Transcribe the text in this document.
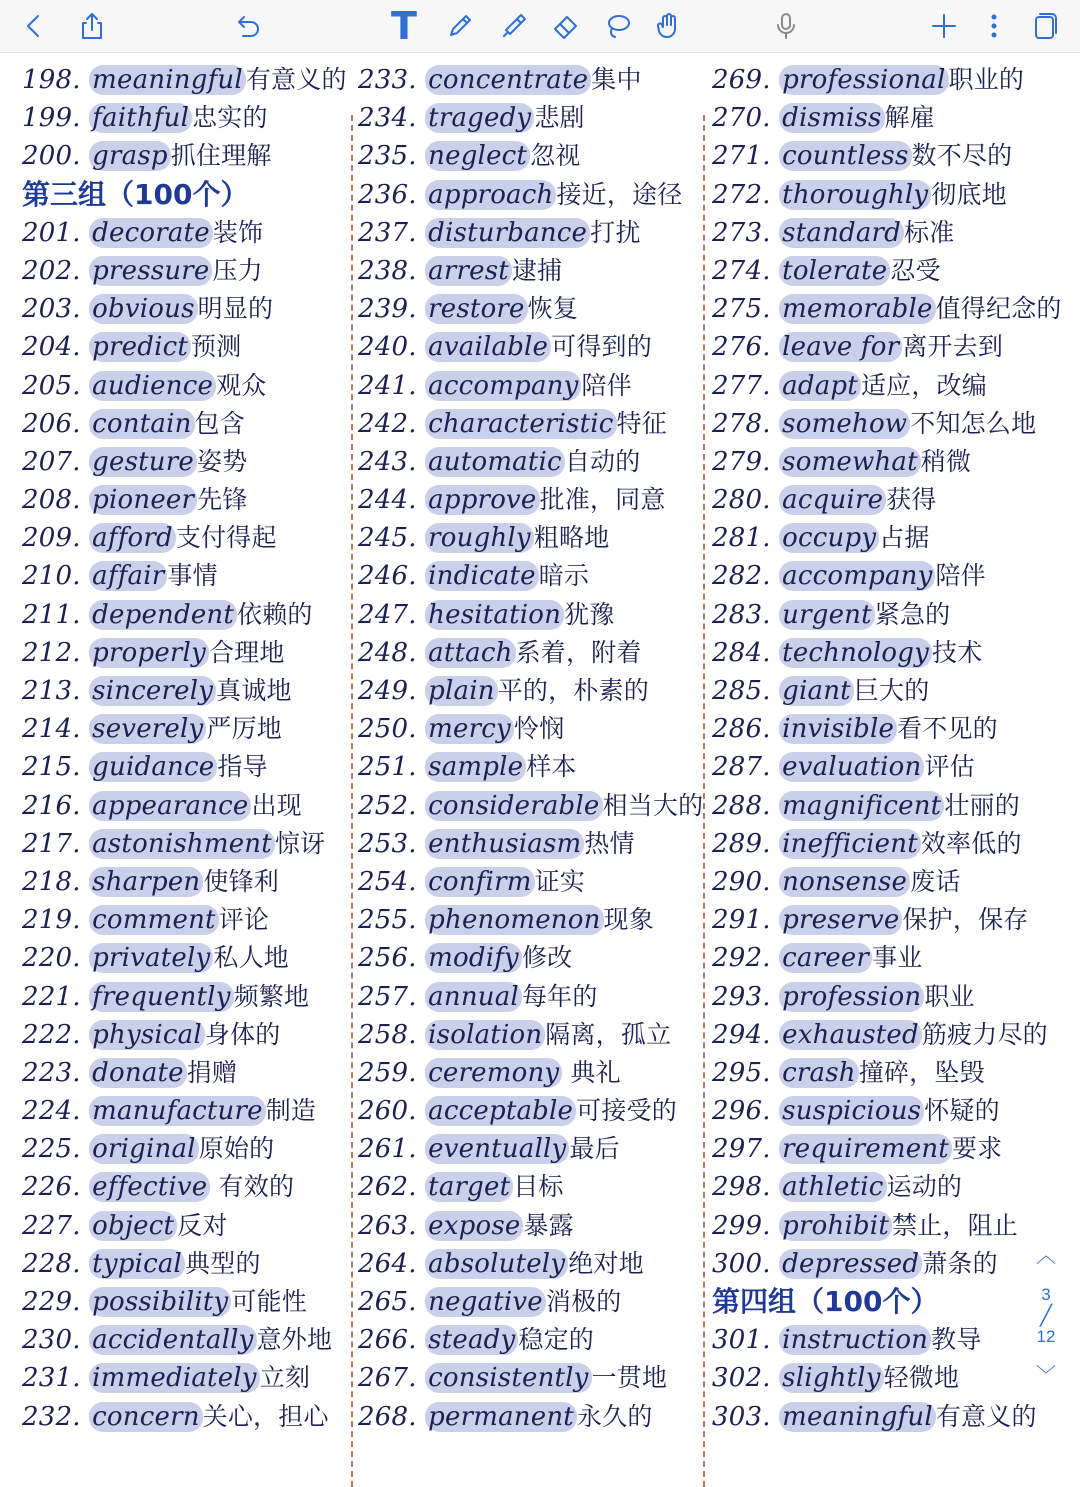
T
198. meaningful 有意义的
199. faithful 忠实的
200. grasp 抓住理解
第三组（100个）
201. decorate 装饰
202. pressure 压力
203. obvious 明显的
204. predict 预测
205. audience 观众
206. contain 包含
207. gesture 姿势
208. pioneer 先锋
209. afford 支付得起
210. affair 事情
211. dependent 依赖的
212. properly 合理地
213. sincerely 真诚地
214. severely 严厉地
215. guidance 指导
216. appearance 出现
217. astonishment 惊讶
218. sharpen 使锋利
219. comment 评论
220. privately 私人地
221. frequently 频繁地
222. physical 身体的
223. donate 捐赠
224. manufacture 制造
225. original 原始的
226. effective 有效的
227. object 反对
228. typical 典型的
229. possibility 可能性
230. accidentally 意外地
231. immediately 立刻
232. concern 关心，担心
233. concentrate 集中
234. tragedy 悲剧
235. neglect 忽视
236. approach 接近，途径
237. disturbance 打扰
238. arrest 逮捕
239. restore 恢复
240. available 可得到的
241. accompany 陪伴
242. characteristic 特征
243. automatic 自动的
244. approve 批准，同意
245. roughly 粗略地
246. indicate 暗示
247. hesitation 犹豫
248. attach 系着，附着
249. plain 平的，朴素的
250. mercy 怜悯
251. sample 样本
252. considerable 相当大的
253. enthusiasm 热情
254. confirm 证实
255. phenomenon 现象
256. modify 修改
257. annual 每年的
258. isolation 隔离，孤立
259. ceremony 典礼
260. acceptable 可接受的
261. eventually 最后
262. target 目标
263. expose 暴露
264. absolutely 绝对地
265. negative 消极的
266. steady 稳定的
267. consistently 一贯地
268. permanent 永久的
269. professional 职业的
270. dismiss 解雇
271. countless 数不尽的
272. thoroughly 彻底地
273. standard 标准
274. tolerate 忍受
275. memorable 值得纪念的
276. leave for 离开去到
277. adapt 适应，改编
278. somehow 不知怎么地
279. somewhat 稍微
280. acquire 获得
281. occupy 占据
282. accompany 陪伴
283. urgent 紧急的
284. technology 技术
285. giant 巨大的
286. invisible 看不见的
287. evaluation 评估
288. magnificent 壮丽的
289. inefficient 效率低的
290. nonsense 废话
291. preserve 保护，保存
292. career 事业
293. profession 职业
294. exhausted 筋疲力尽的
295. crash 撞碎，坠毁
296. suspicious 怀疑的
297. requirement 要求
298. athletic 运动的
299. prohibit 禁止，阻止
300. depressed 萧条的
第四组（100个）
301. instruction 教导
302. slightly 轻微地
303. meaningful 有意义的
︿
3
╱
12
﹀
